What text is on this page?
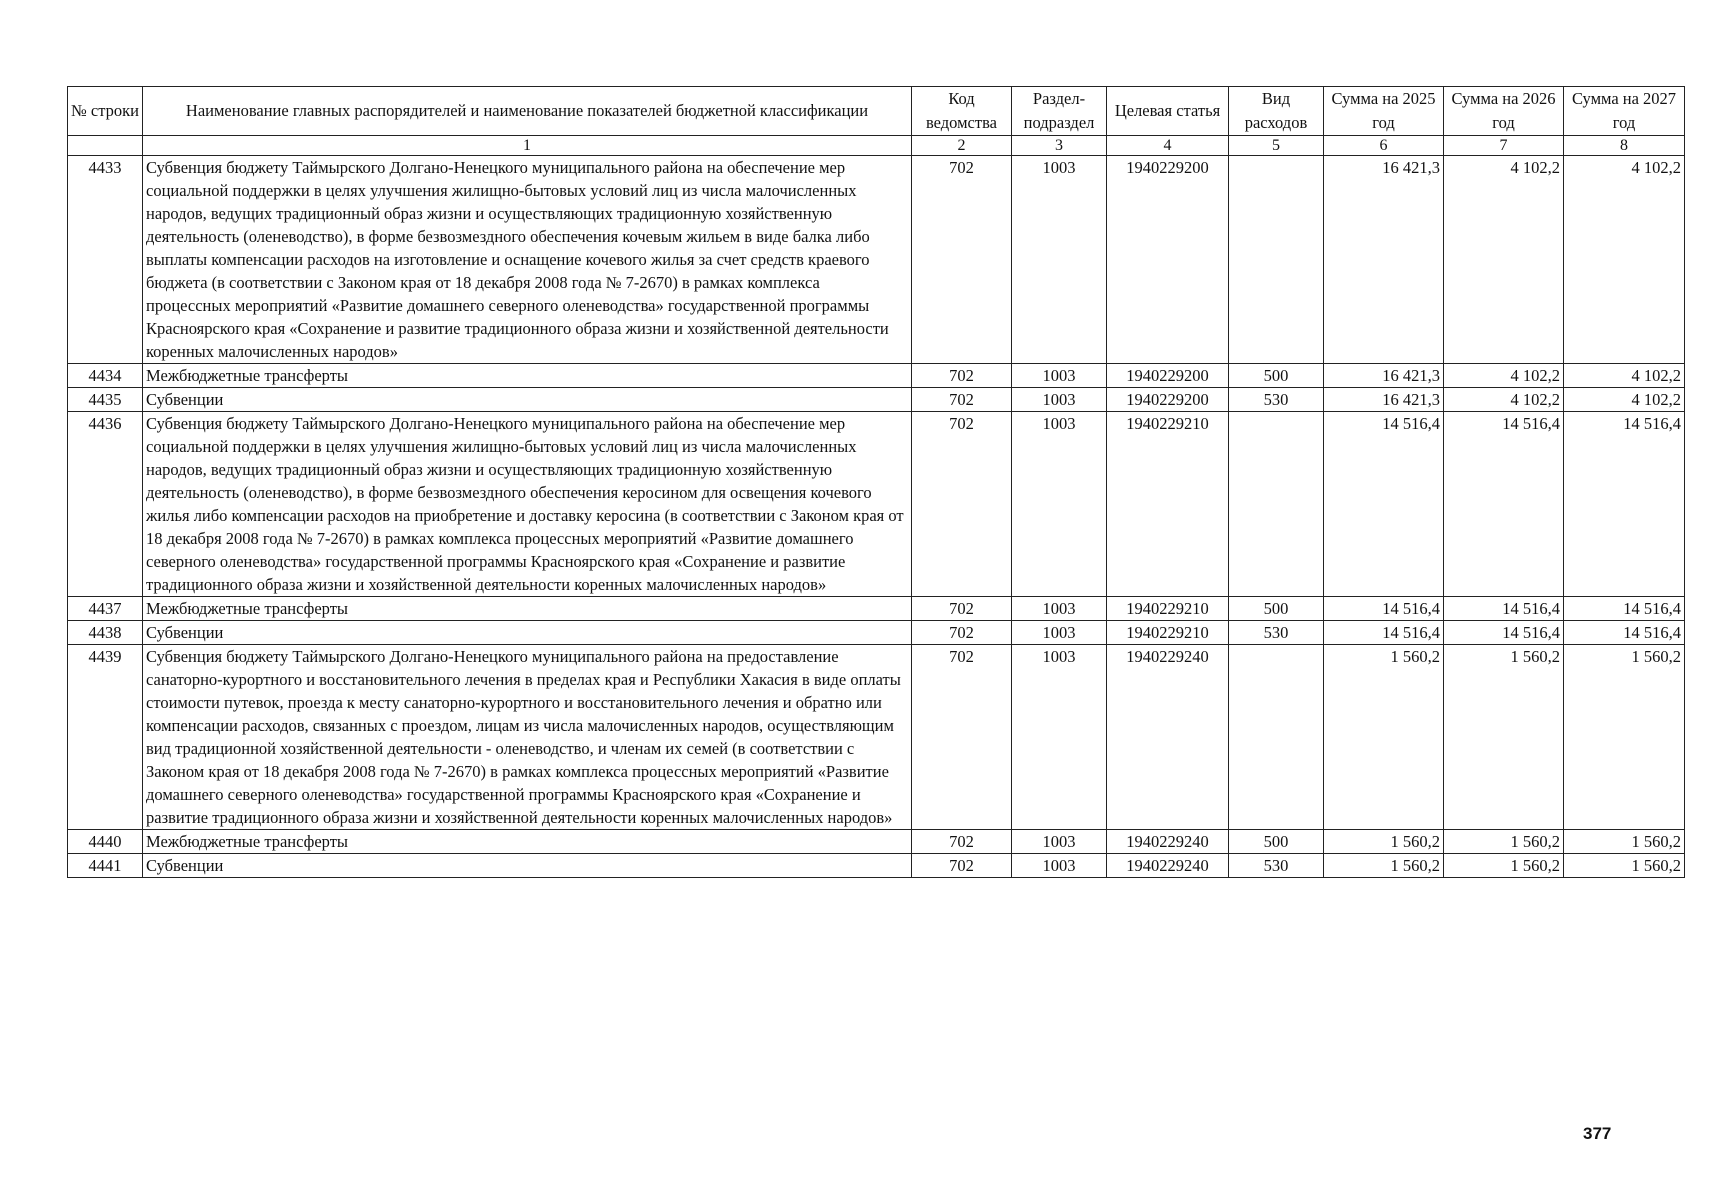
№ строки	Наименование главных распорядителей и наименование показателей бюджетной классификации	Код ведомства	Раздел-подраздел	Целевая статья	Вид расходов	Сумма на 2025 год	Сумма на 2026 год	Сумма на 2027 год
	1	2	3	4	5	6	7	8
4433	Субвенция бюджету Таймырского Долгано-Ненецкого муниципального района на обеспечение мер социальной поддержки в целях улучшения жилищно-бытовых условий лиц из числа малочисленных народов, ведущих традиционный образ жизни и осуществляющих традиционную хозяйственную деятельность (оленеводство), в форме безвозмездного обеспечения кочевым жильем в виде балка либо выплаты компенсации расходов на изготовление и оснащение кочевого жилья за счет средств краевого бюджета (в соответствии с Законом края от 18 декабря 2008 года № 7-2670) в рамках комплекса процессных мероприятий «Развитие домашнего северного оленеводства» государственной программы Красноярского края «Сохранение и развитие традиционного образа жизни и хозяйственной деятельности коренных малочисленных народов»	702	1003	1940229200		16 421,3	4 102,2	4 102,2
4434	Межбюджетные трансферты	702	1003	1940229200	500	16 421,3	4 102,2	4 102,2
4435	Субвенции	702	1003	1940229200	530	16 421,3	4 102,2	4 102,2
4436	Субвенция бюджету Таймырского Долгано-Ненецкого муниципального района на обеспечение мер социальной поддержки в целях улучшения жилищно-бытовых условий лиц из числа малочисленных народов, ведущих традиционный образ жизни и осуществляющих традиционную хозяйственную деятельность (оленеводство), в форме безвозмездного обеспечения керосином для освещения кочевого жилья либо компенсации расходов на приобретение и доставку керосина (в соответствии с Законом края от 18 декабря 2008 года № 7-2670) в рамках комплекса процессных мероприятий «Развитие домашнего северного оленеводства» государственной программы Красноярского края «Сохранение и развитие традиционного образа жизни и хозяйственной деятельности коренных малочисленных народов»	702	1003	1940229210		14 516,4	14 516,4	14 516,4
4437	Межбюджетные трансферты	702	1003	1940229210	500	14 516,4	14 516,4	14 516,4
4438	Субвенции	702	1003	1940229210	530	14 516,4	14 516,4	14 516,4
4439	Субвенция бюджету Таймырского Долгано-Ненецкого муниципального района на предоставление санаторно-курортного и восстановительного лечения в пределах края и Республики Хакасия в виде оплаты стоимости путевок, проезда к месту санаторно-курортного и восстановительного лечения и обратно или компенсации расходов, связанных с проездом, лицам из числа малочисленных народов, осуществляющим вид традиционной хозяйственной деятельности - оленеводство, и членам их семей (в соответствии с Законом края от 18 декабря 2008 года № 7-2670) в рамках комплекса процессных мероприятий «Развитие домашнего северного оленеводства» государственной программы Красноярского края «Сохранение и развитие традиционного образа жизни и хозяйственной деятельности коренных малочисленных народов»	702	1003	1940229240		1 560,2	1 560,2	1 560,2
4440	Межбюджетные трансферты	702	1003	1940229240	500	1 560,2	1 560,2	1 560,2
4441	Субвенции	702	1003	1940229240	530	1 560,2	1 560,2	1 560,2
377
